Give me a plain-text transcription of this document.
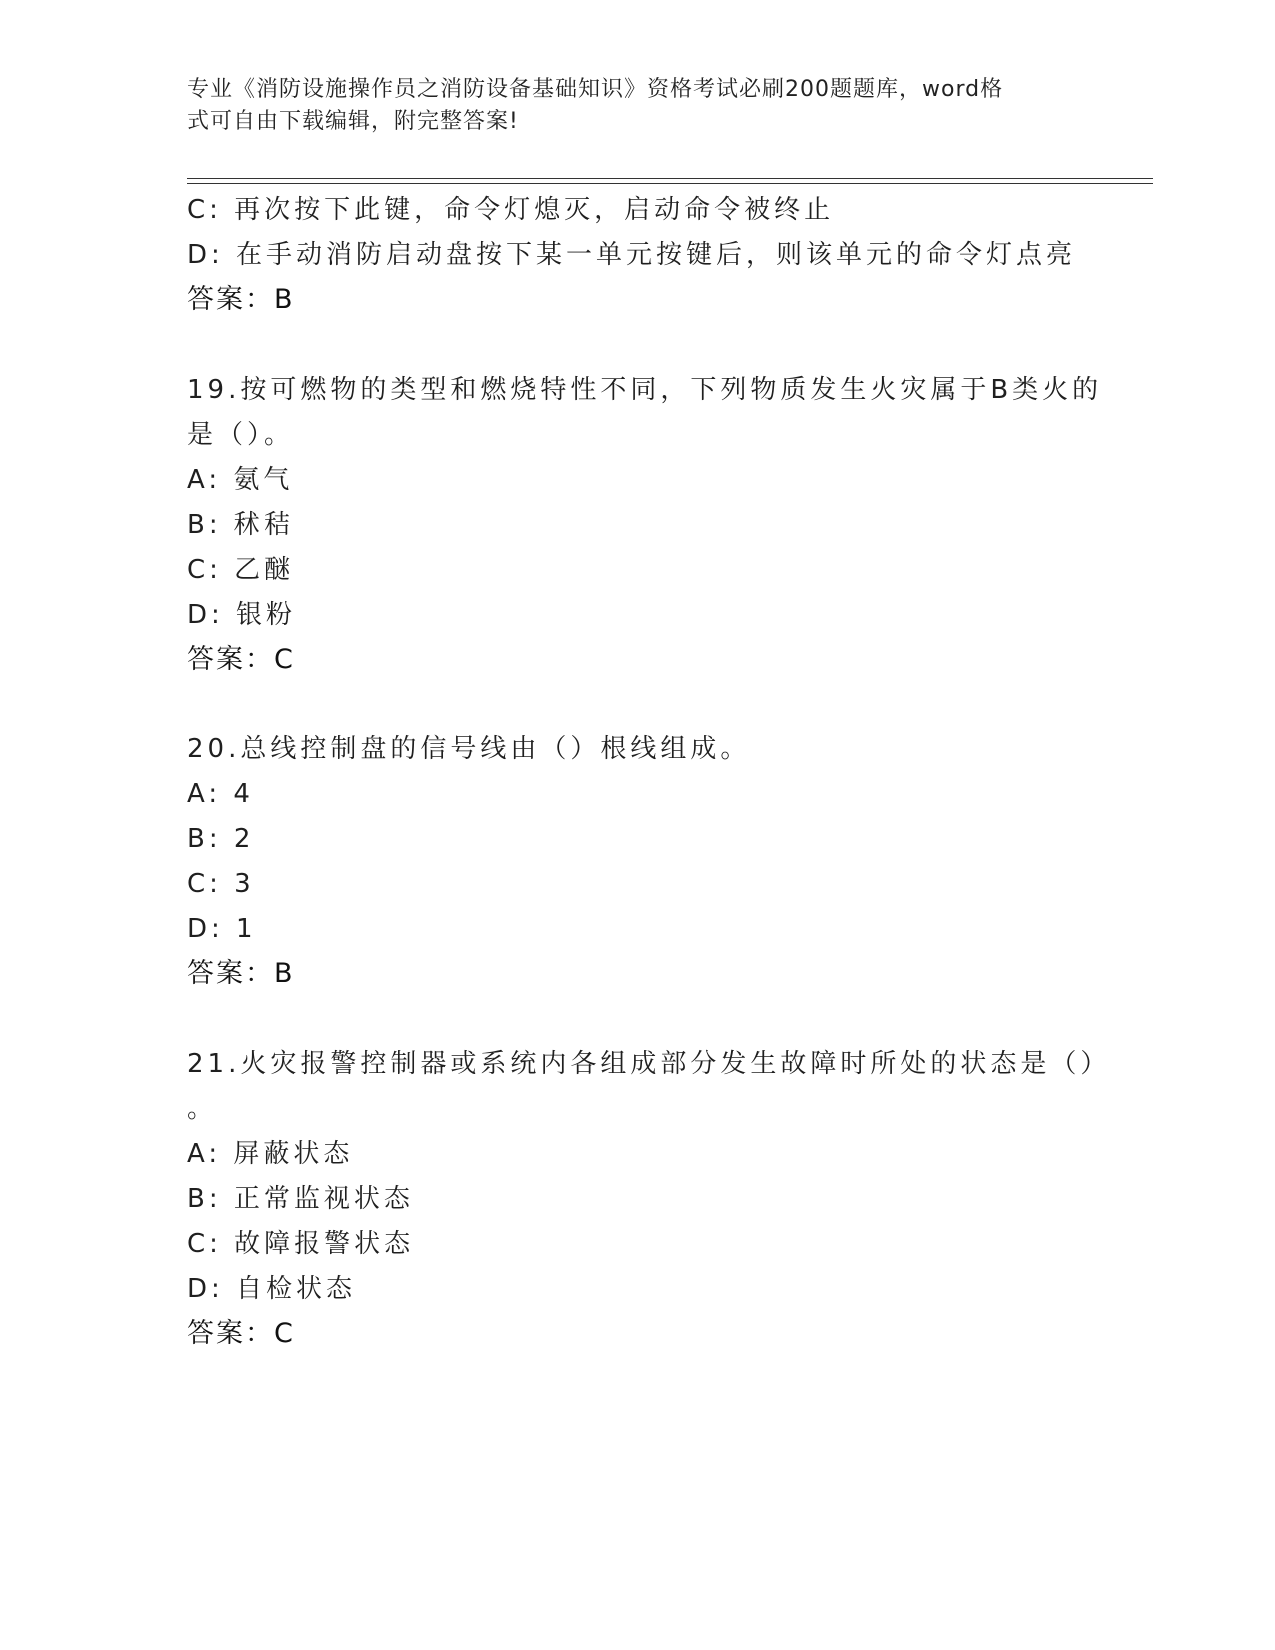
专业《消防设施操作员之消防设备基础知识》资格考试必刷200题题库，word格
式可自由下载编辑，附完整答案!
C: 再次按下此键，命令灯熄灭，启动命令被终止
D: 在手动消防启动盘按下某一单元按键后，则该单元的命令灯点亮
答案：B
19.按可燃物的类型和燃烧特性不同，下列物质发生火灾属于B类火的
是（）。
A: 氨气
B: 秫秸
C: 乙醚
D: 银粉
答案：C
20.总线控制盘的信号线由（）根线组成。
A: 4
B: 2
C: 3
D: 1
答案：B
21.火灾报警控制器或系统内各组成部分发生故障时所处的状态是（）
。
A: 屏蔽状态
B: 正常监视状态
C: 故障报警状态
D: 自检状态
答案：C
